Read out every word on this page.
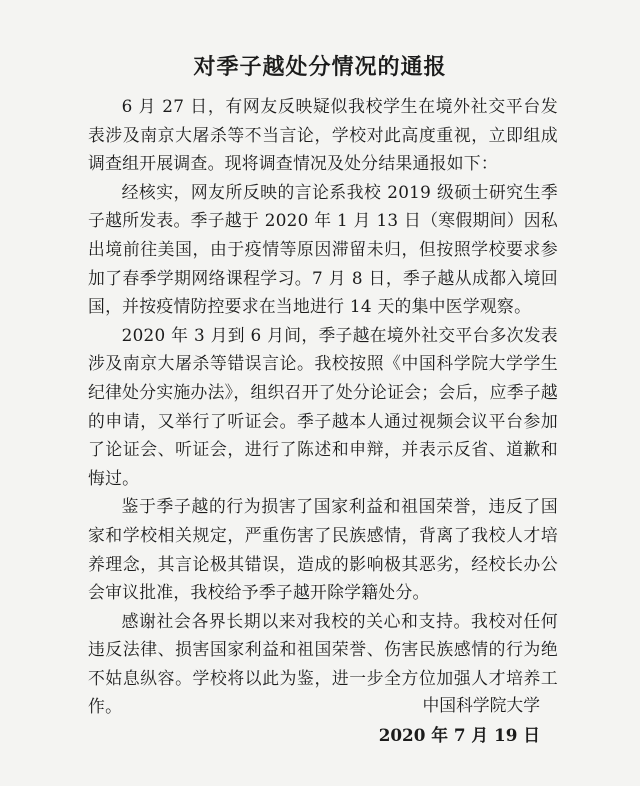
对季子越处分情况的通报

6 月 27 日，有网友反映疑似我校学生在境外社交平台发表涉及南京大屠杀等不当言论，学校对此高度重视，立即组成调查组开展调查。现将调查情况及处分结果通报如下：

经核实，网友所反映的言论系我校 2019 级硕士研究生季子越所发表。季子越于 2020 年 1 月 13 日（寒假期间）因私出境前往美国，由于疫情等原因滞留未归，但按照学校要求参加了春季学期网络课程学习。7 月 8 日，季子越从成都入境回国，并按疫情防控要求在当地进行 14 天的集中医学观察。

2020 年 3 月到 6 月间，季子越在境外社交平台多次发表涉及南京大屠杀等错误言论。我校按照《中国科学院大学学生纪律处分实施办法》，组织召开了处分论证会；会后，应季子越的申请，又举行了听证会。季子越本人通过视频会议平台参加了论证会、听证会，进行了陈述和申辩，并表示反省、道歉和悔过。

鉴于季子越的行为损害了国家利益和祖国荣誉，违反了国家和学校相关规定，严重伤害了民族感情，背离了我校人才培养理念，其言论极其错误，造成的影响极其恶劣，经校长办公会审议批准，我校给予季子越开除学籍处分。

感谢社会各界长期以来对我校的关心和支持。我校对任何违反法律、损害国家利益和祖国荣誉、伤害民族感情的行为绝不姑息纵容。学校将以此为鉴，进一步全方位加强人才培养工作。	中国科学院大学
2020 年 7 月 19 日
